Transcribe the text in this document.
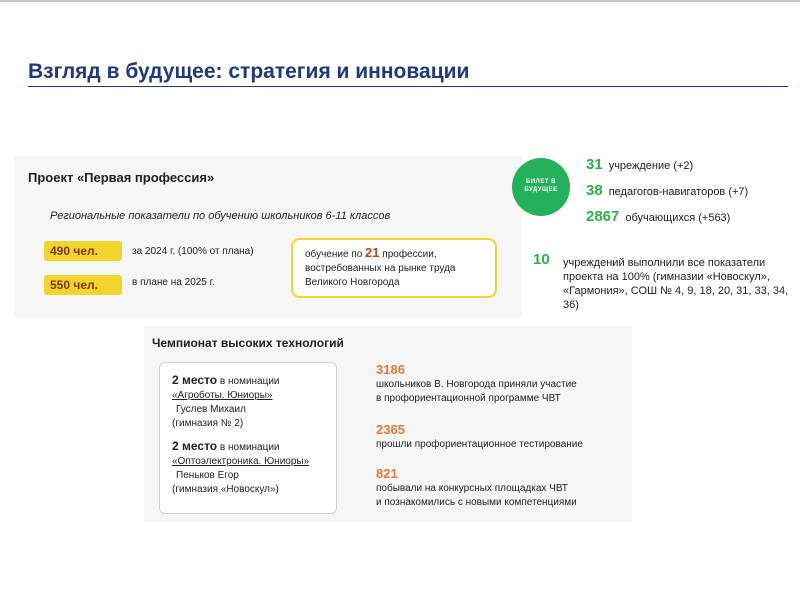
Взгляд в будущее: стратегия и инновации
Проект «Первая профессия»
Региональные показатели по обучению школьников 6-11 классов
490 чел.	за 2024 г. (100% от плана)
550 чел.	в плане на 2025 г.
обучение по 21 профессии,
востребованных на рынке труда
Великого Новгорода
БИЛЕТ В БУДУЩЕЕ
31 учреждение (+2)
38 педагогов-навигаторов (+7)
2867 обучающихся (+563)
10 учреждений выполнили все показатели проекта на 100% (гимназии «Новоскул», «Гармония», СОШ № 4, 9, 18, 20, 31, 33, 34, 36)
Чемпионат высоких технологий
2 место в номинации
«Агроботы. Юниоры»
Гуслев Михаил
(гимназия № 2)
2 место в номинации
«Оптоэлектроника. Юниоры»
Пеньков Егор
(гимназия «Новоскул»)
3186
школьников В. Новгорода приняли участие
в профориентационной программе ЧВТ
2365
прошли профориентационное тестирование
821
побывали на конкурсных площадках ЧВТ
и познакомились с новыми компетенциями
